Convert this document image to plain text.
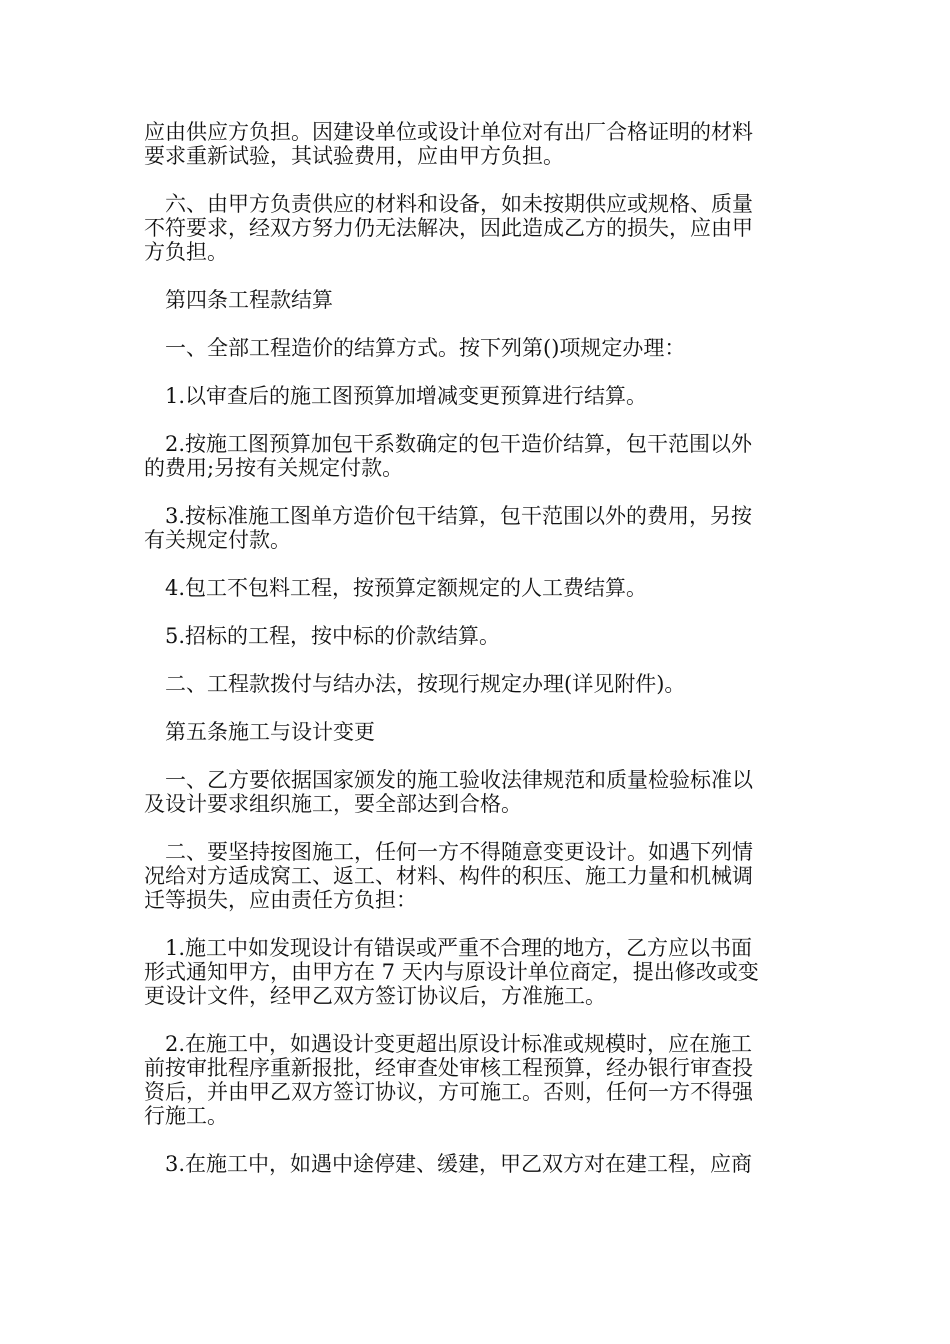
应由供应方负担。因建设单位或设计单位对有出厂合格证明的材料
要求重新试验，其试验费用，应由甲方负担。
　六、由甲方负责供应的材料和设备，如未按期供应或规格、质量
不符要求，经双方努力仍无法解决，因此造成乙方的损失，应由甲
方负担。
　第四条工程款结算
　一、全部工程造价的结算方式。按下列第()项规定办理：
　1.以审查后的施工图预算加增减变更预算进行结算。
　2.按施工图预算加包干系数确定的包干造价结算，包干范围以外
的费用;另按有关规定付款。
　3.按标准施工图单方造价包干结算，包干范围以外的费用，另按
有关规定付款。
　4.包工不包料工程，按预算定额规定的人工费结算。
　5.招标的工程，按中标的价款结算。
　二、工程款拨付与结办法，按现行规定办理(详见附件)。
　第五条施工与设计变更
　一、乙方要依据国家颁发的施工验收法律规范和质量检验标准以
及设计要求组织施工，要全部达到合格。
　二、要坚持按图施工，任何一方不得随意变更设计。如遇下列情
况给对方适成窝工、返工、材料、构件的积压、施工力量和机械调
迁等损失，应由责任方负担：
　1.施工中如发现设计有错误或严重不合理的地方，乙方应以书面
形式通知甲方，由甲方在 7 天内与原设计单位商定，提出修改或变
更设计文件，经甲乙双方签订协议后，方准施工。
　2.在施工中，如遇设计变更超出原设计标准或规模时，应在施工
前按审批程序重新报批，经审查处审核工程预算，经办银行审查投
资后，并由甲乙双方签订协议，方可施工。否则，任何一方不得强
行施工。
　3.在施工中，如遇中途停建、缓建，甲乙双方对在建工程，应商
